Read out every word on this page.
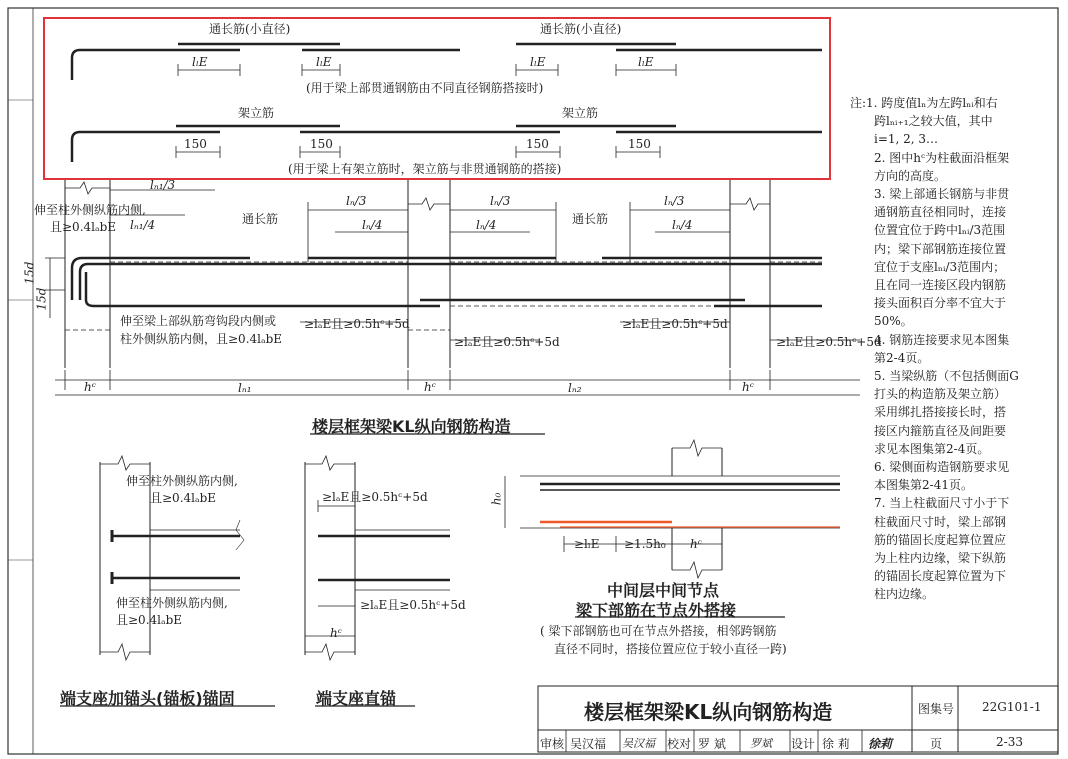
通长筋(小直径)	通长筋(小直径)
lₗE	lₗE	lₗE	lₗE
(用于梁上部贯通钢筋由不同直径钢筋搭接时)
架立筋	架立筋
150	150	150	150
(用于梁上有架立筋时，架立筋与非贯通钢筋的搭接)
lₙ₁/3
lₙ₁/4
lₙ/3
lₙ/4
lₙ/3
lₙ/4
lₙ/3
lₙ/4
通长筋	通长筋
伸至柱外侧纵筋内侧,
且≥0.4lₐbE
伸至梁上部纵筋弯钩段内侧或
柱外侧纵筋内侧，且≥0.4lₐbE
≥lₐE且≥0.5hᶜ+5d
≥lₐE且≥0.5hᶜ+5d
≥lₐE且≥0.5hᶜ+5d
≥lₐE且≥0.5hᶜ+5d
15d
15d
hᶜ	hᶜ	hᶜ
lₙ₁	lₙ₂
楼层框架梁KL纵向钢筋构造
伸至柱外侧纵筋内侧,
且≥0.4lₐbE
伸至柱外侧纵筋内侧,
且≥0.4lₐbE
端支座加锚头(锚板)锚固
≥lₐE且≥0.5hᶜ+5d
≥lₐE且≥0.5hᶜ+5d
hᶜ
端支座直锚
h₀
≥lₗE ≥1.5h₀ hᶜ
中间层中间节点
梁下部筋在节点外搭接
( 梁下部钢筋也可在节点外搭接，相邻跨钢筋
直径不同时，搭接位置应位于较小直径一跨)
注:1. 跨度值lₙ为左跨lₙᵢ和右
跨lₙᵢ₊₁之较大值，其中
i=1, 2, 3…
2. 图中hᶜ为柱截面沿框架
方向的高度。
3. 梁上部通长钢筋与非贯
通钢筋直径相同时，连接
位置宜位于跨中lₙᵢ/3范围
内；梁下部钢筋连接位置
宜位于支座lₙᵢ/3范围内；
且在同一连接区段内钢筋
接头面积百分率不宜大于
50%。
4. 钢筋连接要求见本图集
第2-4页。
5. 当梁纵筋（不包括侧面G
打头的构造筋及架立筋）
采用绑扎搭接接长时，搭
接区内箍筋直径及间距要
求见本图集第2-4页。
6. 梁侧面构造钢筋要求见
本图集第2-41页。
7. 当上柱截面尺寸小于下
柱截面尺寸时，梁上部钢
筋的锚固长度起算位置应
为上柱内边缘，梁下纵筋
的锚固长度起算位置为下
柱内边缘。
楼层框架梁KL纵向钢筋构造	图集号 22G101-1
审核 吴汉福 吴汉福 校对 罗 斌 罗斌 设计 徐 莉 徐莉	页	2-33
